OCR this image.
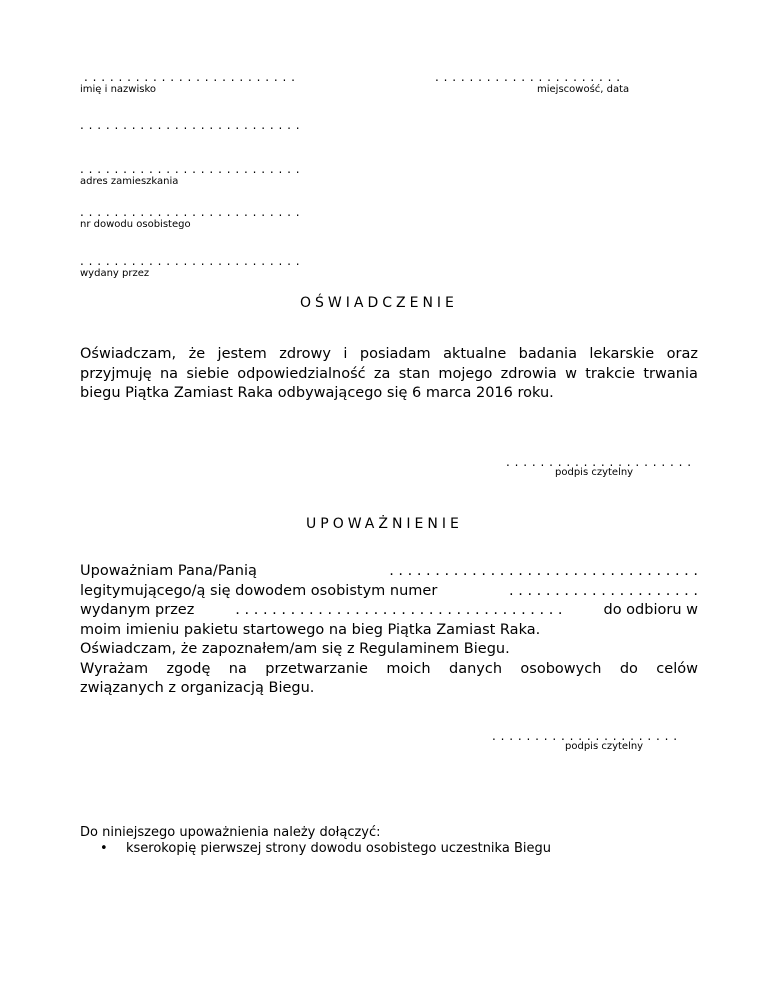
. . . . . . . . . . . . . . . . . . . . . . . . .
imię i nazwisko
. . . . . . . . . . . . . . . . . . . . . .
miejscowość, data
. . . . . . . . . . . . . . . . . . . . . . . . . .
. . . . . . . . . . . . . . . . . . . . . . . . . .
adres zamieszkania
. . . . . . . . . . . . . . . . . . . . . . . . . .
nr dowodu osobistego
. . . . . . . . . . . . . . . . . . . . . . . . . .
wydany przez
OŚWIADCZENIE
Oświadczam, że jestem zdrowy i posiadam aktualne badania lekarskie oraz
przyjmuję na siebie odpowiedzialność za stan mojego zdrowia w trakcie trwania
biegu Piątka Zamiast Raka odbywającego się 6 marca 2016 roku.
. . . . . . . . . . . . . . . . . . . . . .
podpis czytelny
UPOWAŻNIENIE
Upoważniam Pana/Panią	. . . . . . . . . . . . . . . . . . . . . . . . . . . . . . . . . .
legitymującego/ą się dowodem osobistym numer	. . . . . . . . . . . . . . . . . . . . .
wydanym przez	. . . . . . . . . . . . . . . . . . . . . . . . . . . . . . . . . . . .	do odbioru w
moim imieniu pakietu startowego na bieg Piątka Zamiast Raka.
Oświadczam, że zapoznałem/am się z Regulaminem Biegu.
Wyrażam zgodę na przetwarzanie moich danych osobowych do celów
związanych z organizacją Biegu.
. . . . . . . . . . . . . . . . . . . . . .
podpis czytelny
Do niniejszego upoważnienia należy dołączyć:
•	kserokopię pierwszej strony dowodu osobistego uczestnika Biegu
